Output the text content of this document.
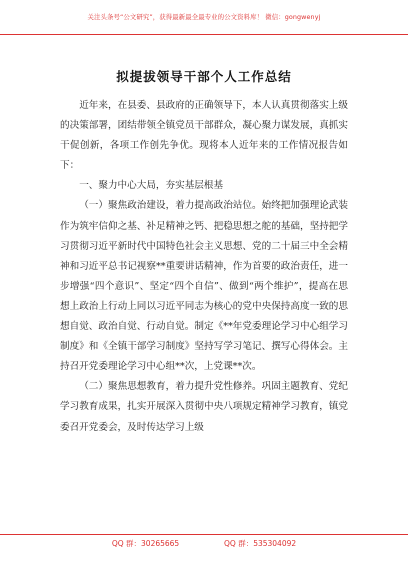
关注头条号“公文研究”，获得最新最全最专业的公文资料库！ 微信：gongwenyj
拟提拔领导干部个人工作总结

近年来，在县委、县政府的正确领导下，本人认真贯彻落实上级的决策部署，团结带领全镇党员干部群众，凝心聚力谋发展，真抓实干促创新，各项工作创先争优。现将本人近年来的工作情况报告如下：

一、聚力中心大局，夯实基层根基

（一）聚焦政治建设，着力提高政治站位。始终把加强理论武装作为筑牢信仰之基、补足精神之钙、把稳思想之舵的基础，坚持把学习贯彻习近平新时代中国特色社会主义思想、党的二十届三中全会精神和习近平总书记视察**重要讲话精神，作为首要的政治责任，进一步增强“四个意识”、坚定“四个自信”、做到“两个维护”，提高在思想上政治上行动上同以习近平同志为核心的党中央保持高度一致的思想自觉、政治自觉、行动自觉。制定《**年党委理论学习中心组学习制度》和《全镇干部学习制度》坚持写学习笔记、撰写心得体会。主持召开党委理论学习中心组**次，上党课**次。

（二）聚焦思想教育，着力提升党性修养。巩固主题教育、党纪学习教育成果，扎实开展深入贯彻中央八项规定精神学习教育，镇党委召开党委会，及时传达学习上级

QQ 群：30265665	QQ 群：535304092
